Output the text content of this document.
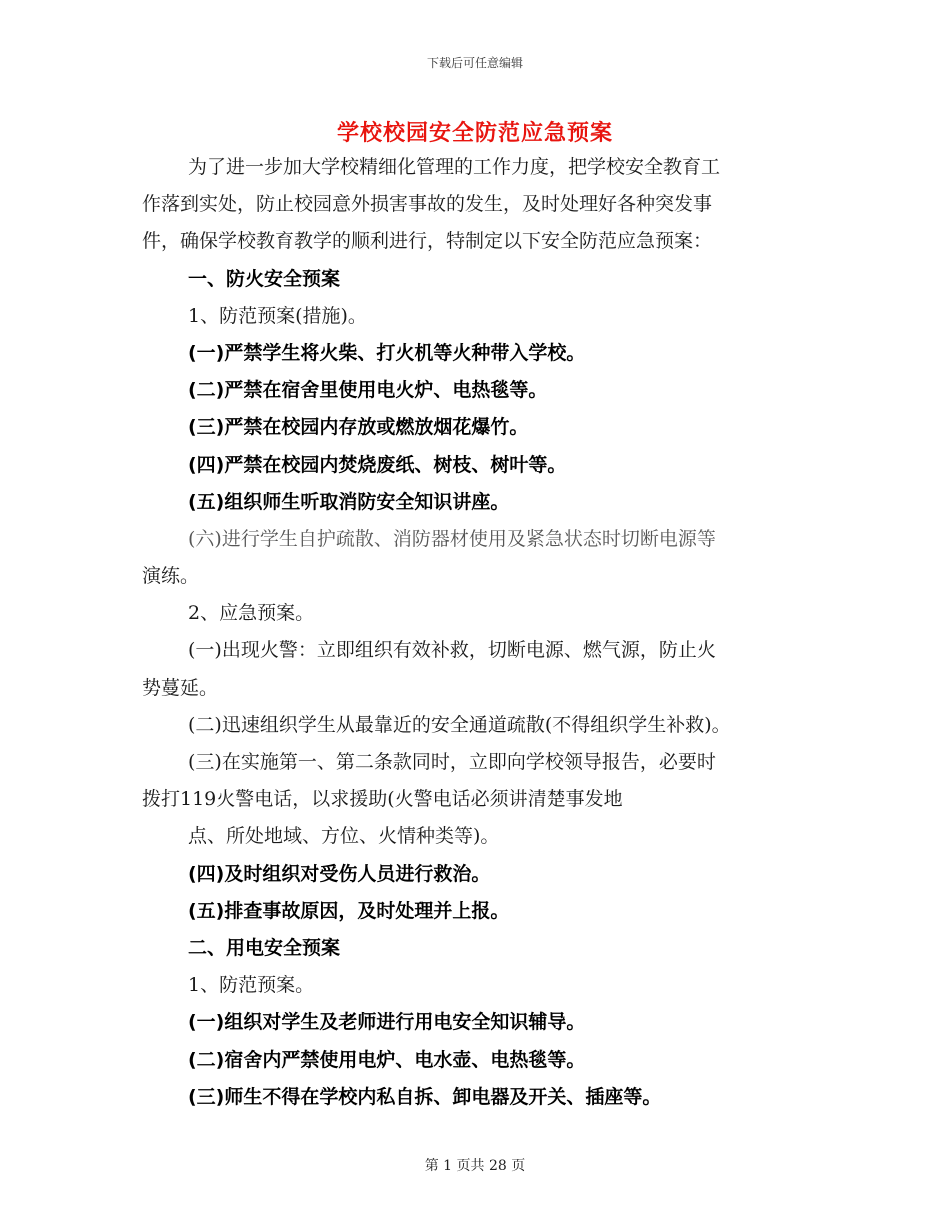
下载后可任意编辑
学校校园安全防范应急预案
为了进一步加大学校精细化管理的工作力度，把学校安全教育工
作落到实处，防止校园意外损害事故的发生，及时处理好各种突发事
件，确保学校教育教学的顺利进行，特制定以下安全防范应急预案：
一、防火安全预案
1、防范预案(措施)。
(一)严禁学生将火柴、打火机等火种带入学校。
(二)严禁在宿舍里使用电火炉、电热毯等。
(三)严禁在校园内存放或燃放烟花爆竹。
(四)严禁在校园内焚烧废纸、树枝、树叶等。
(五)组织师生听取消防安全知识讲座。
(六)进行学生自护疏散、消防器材使用及紧急状态时切断电源等
演练。
2、应急预案。
(一)出现火警：立即组织有效补救，切断电源、燃气源，防止火
势蔓延。
(二)迅速组织学生从最靠近的安全通道疏散(不得组织学生补救)。
(三)在实施第一、第二条款同时，立即向学校领导报告，必要时
拨打119火警电话，以求援助(火警电话必须讲清楚事发地
点、所处地域、方位、火情种类等)。
(四)及时组织对受伤人员进行救治。
(五)排查事故原因，及时处理并上报。
二、用电安全预案
1、防范预案。
(一)组织对学生及老师进行用电安全知识辅导。
(二)宿舍内严禁使用电炉、电水壶、电热毯等。
(三)师生不得在学校内私自拆、卸电器及开关、插座等。
第 1 页共 28 页
